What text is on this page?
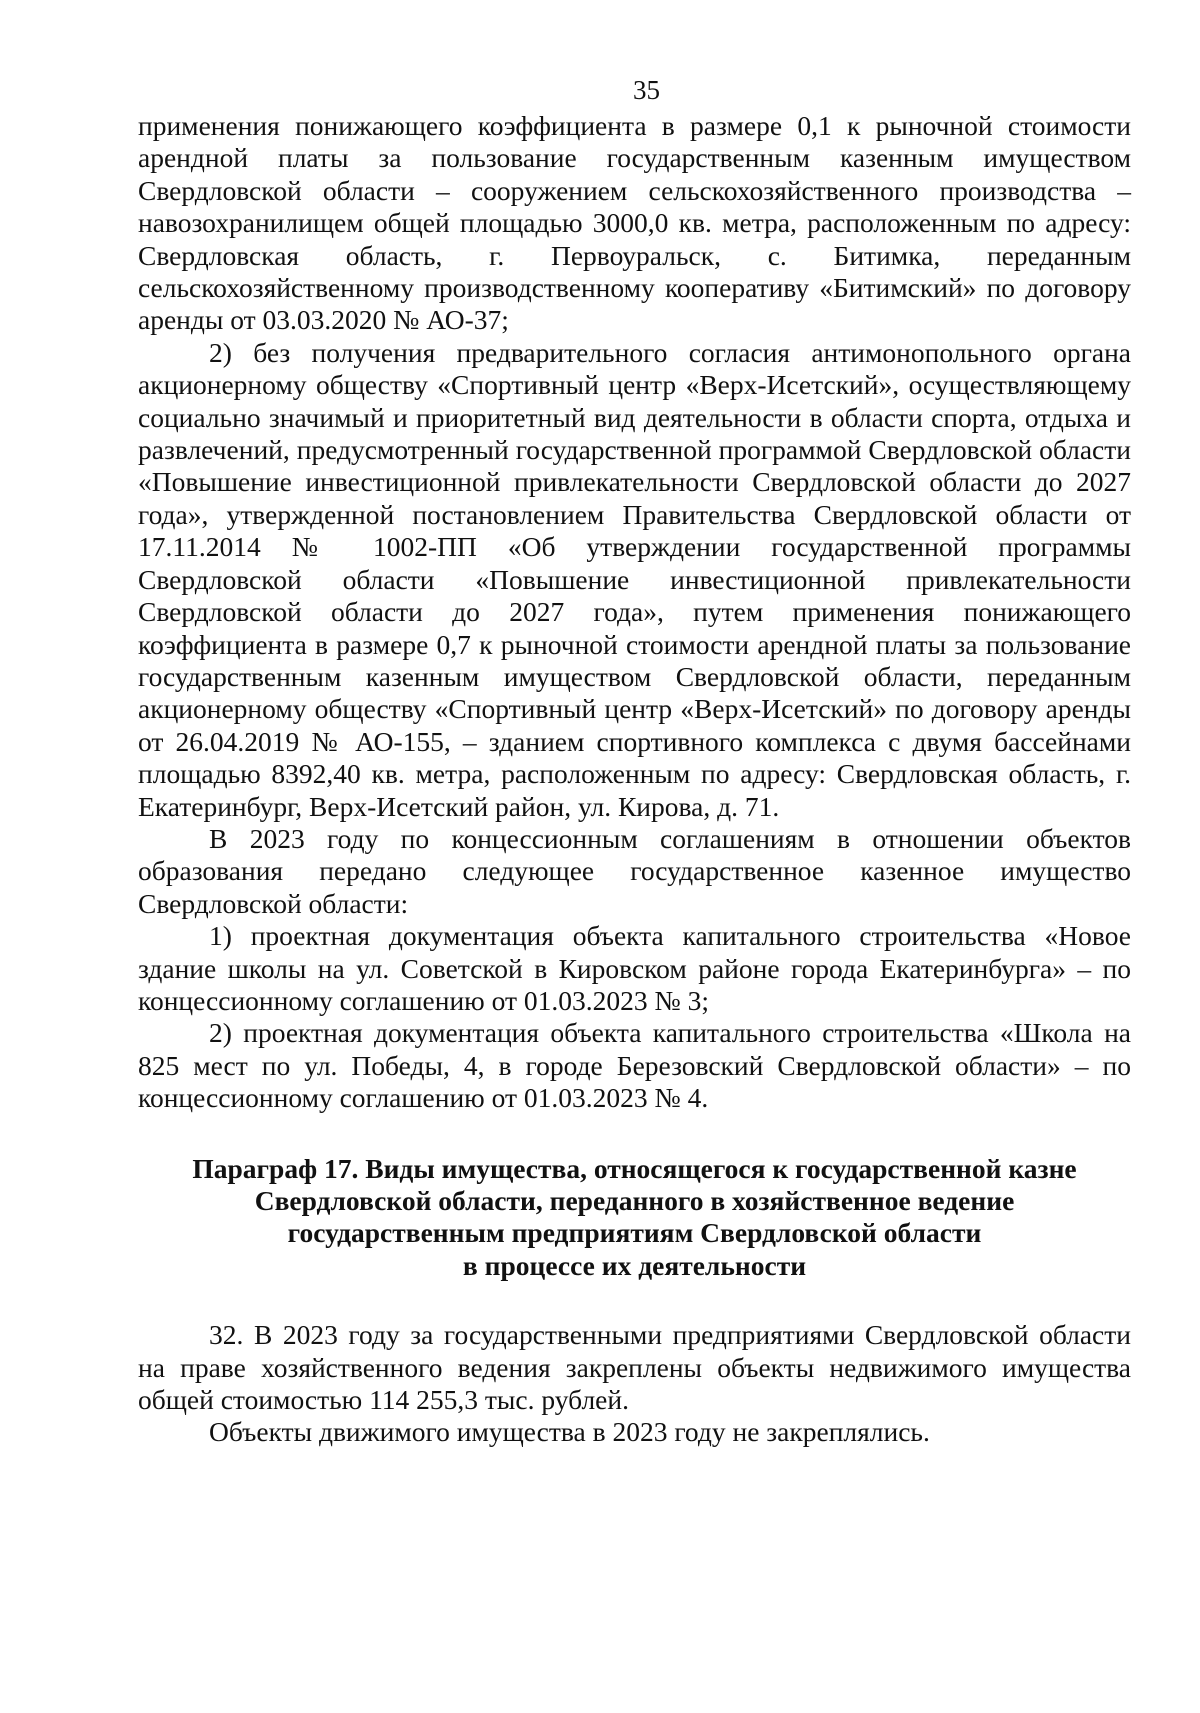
35

применения понижающего коэффициента в размере 0,1 к рыночной стоимости арендной платы за пользование государственным казенным имуществом Свердловской области – сооружением сельскохозяйственного производства – навозохранилищем общей площадью 3000,0 кв. метра, расположенным по адресу: Свердловская область, г. Первоуральск, с. Битимка, переданным сельскохозяйственному производственному кооперативу «Битимский» по договору аренды от 03.03.2020 № АО-37;

2) без получения предварительного согласия антимонопольного органа акционерному обществу «Спортивный центр «Верх-Исетский», осуществляющему социально значимый и приоритетный вид деятельности в области спорта, отдыха и развлечений, предусмотренный государственной программой Свердловской области «Повышение инвестиционной привлекательности Свердловской области до 2027 года», утвержденной постановлением Правительства Свердловской области от 17.11.2014 № 1002-ПП «Об утверждении государственной программы Свердловской области «Повышение инвестиционной привлекательности Свердловской области до 2027 года», путем применения понижающего коэффициента в размере 0,7 к рыночной стоимости арендной платы за пользование государственным казенным имуществом Свердловской области, переданным акционерному обществу «Спортивный центр «Верх-Исетский» по договору аренды от 26.04.2019 № АО-155, – зданием спортивного комплекса с двумя бассейнами площадью 8392,40 кв. метра, расположенным по адресу: Свердловская область, г. Екатеринбург, Верх-Исетский район, ул. Кирова, д. 71.

В 2023 году по концессионным соглашениям в отношении объектов образования передано следующее государственное казенное имущество Свердловской области:

1) проектная документация объекта капитального строительства «Новое здание школы на ул. Советской в Кировском районе города Екатеринбурга» – по концессионному соглашению от 01.03.2023 № 3;

2) проектная документация объекта капитального строительства «Школа на 825 мест по ул. Победы, 4, в городе Березовский Свердловской области» – по концессионному соглашению от 01.03.2023 № 4.

Параграф 17. Виды имущества, относящегося к государственной казне
Свердловской области, переданного в хозяйственное ведение
государственным предприятиям Свердловской области
в процессе их деятельности

32. В 2023 году за государственными предприятиями Свердловской области на праве хозяйственного ведения закреплены объекты недвижимого имущества общей стоимостью 114 255,3 тыс. рублей.

Объекты движимого имущества в 2023 году не закреплялись.
